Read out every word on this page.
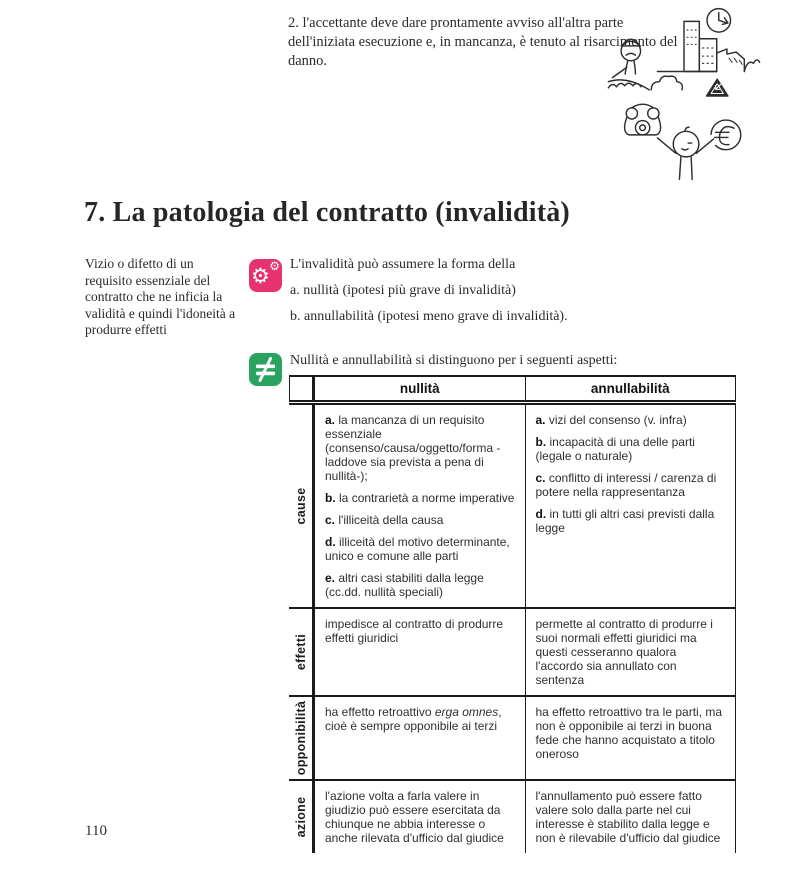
2. l'accettante deve dare prontamente avviso all'altra parte dell'iniziata esecuzione e, in mancanza, è tenuto al risarcimento del danno.
7. La patologia del contratto (invalidità)
Vizio o difetto di un requisito essenziale del contratto che ne inficia la validità e quindi l'idoneità a produrre effetti
⚙ ⚙ L'invalidità può assumere la forma della

a. nullità (ipotesi più grave di invalidità)

b. annullabilità (ipotesi meno grave di invalidità).

Nullità e annullabilità si distinguono per i seguenti aspetti:

nullità	annullabilità
cause

a. la mancanza di un requisito essenziale (consenso/causa/oggetto/forma -laddove sia prevista a pena di nullità-);

b. la contrarietà a norme imperative

c. l'illiceità della causa

d. illiceità del motivo determinante, unico e comune alle parti

e. altri casi stabiliti dalla legge (cc.dd. nullità speciali)

a. vizi del consenso (v. infra)

b. incapacità di una delle parti (legale o naturale)

c. conflitto di interessi / carenza di potere nella rappresentanza

d. in tutti gli altri casi previsti dalla legge

effetti

impedisce al contratto di produrre effetti giuridici

permette al contratto di produrre i suoi normali effetti giuridici ma questi cesseranno qualora l'accordo sia annullato con sentenza

opponibilità ha effetto retroattivo erga omnes, cioè è sempre opponibile ai terzi

ha effetto retroattivo tra le parti, ma non è opponibile ai terzi in buona fede che hanno acquistato a titolo oneroso

azione

l'azione volta a farla valere in giudizio può essere esercitata da chiunque ne abbia interesse o anche rilevata d'ufficio dal giudice

l'annullamento può essere fatto valere solo dalla parte nel cui interesse è stabilito dalla legge e non è rilevabile d'ufficio dal giudice

110
